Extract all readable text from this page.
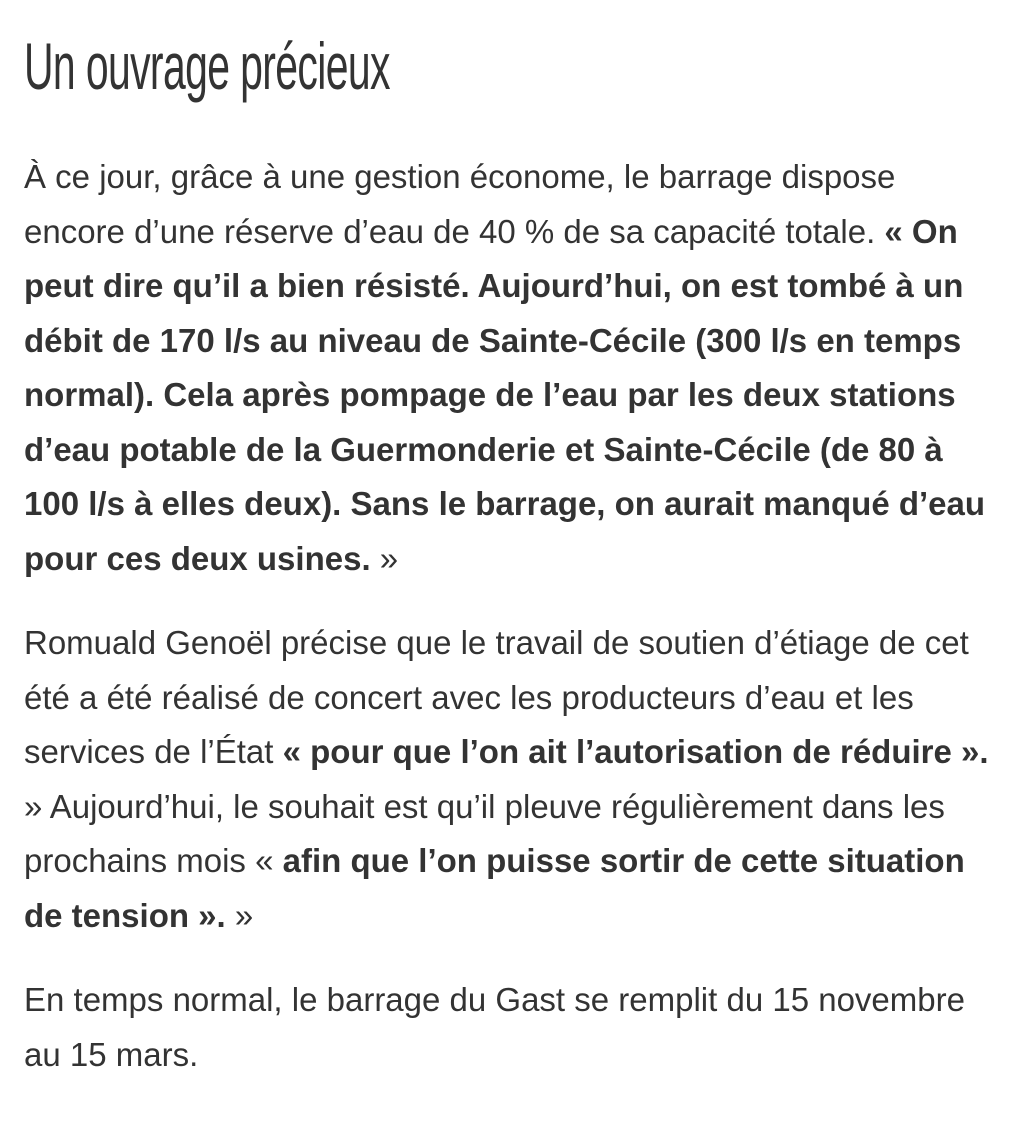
Un ouvrage précieux

À ce jour, grâce à une gestion économe, le barrage dispose encore d’une réserve d’eau de 40 % de sa capacité totale. « On peut dire qu’il a bien résisté. Aujourd’hui, on est tombé à un débit de 170 l/s au niveau de Sainte-Cécile (300 l/s en temps normal). Cela après pompage de l’eau par les deux stations d’eau potable de la Guermonderie et Sainte-Cécile (de 80 à 100 l/s à elles deux). Sans le barrage, on aurait manqué d’eau pour ces deux usines. »

Romuald Genoël précise que le travail de soutien d’étiage de cet été a été réalisé de concert avec les producteurs d’eau et les services de l’État « pour que l’on ait l’autorisation de réduire ». » Aujourd’hui, le souhait est qu’il pleuve régulièrement dans les prochains mois « afin que l’on puisse sortir de cette situation de tension ». »

En temps normal, le barrage du Gast se remplit du 15 novembre au 15 mars.
